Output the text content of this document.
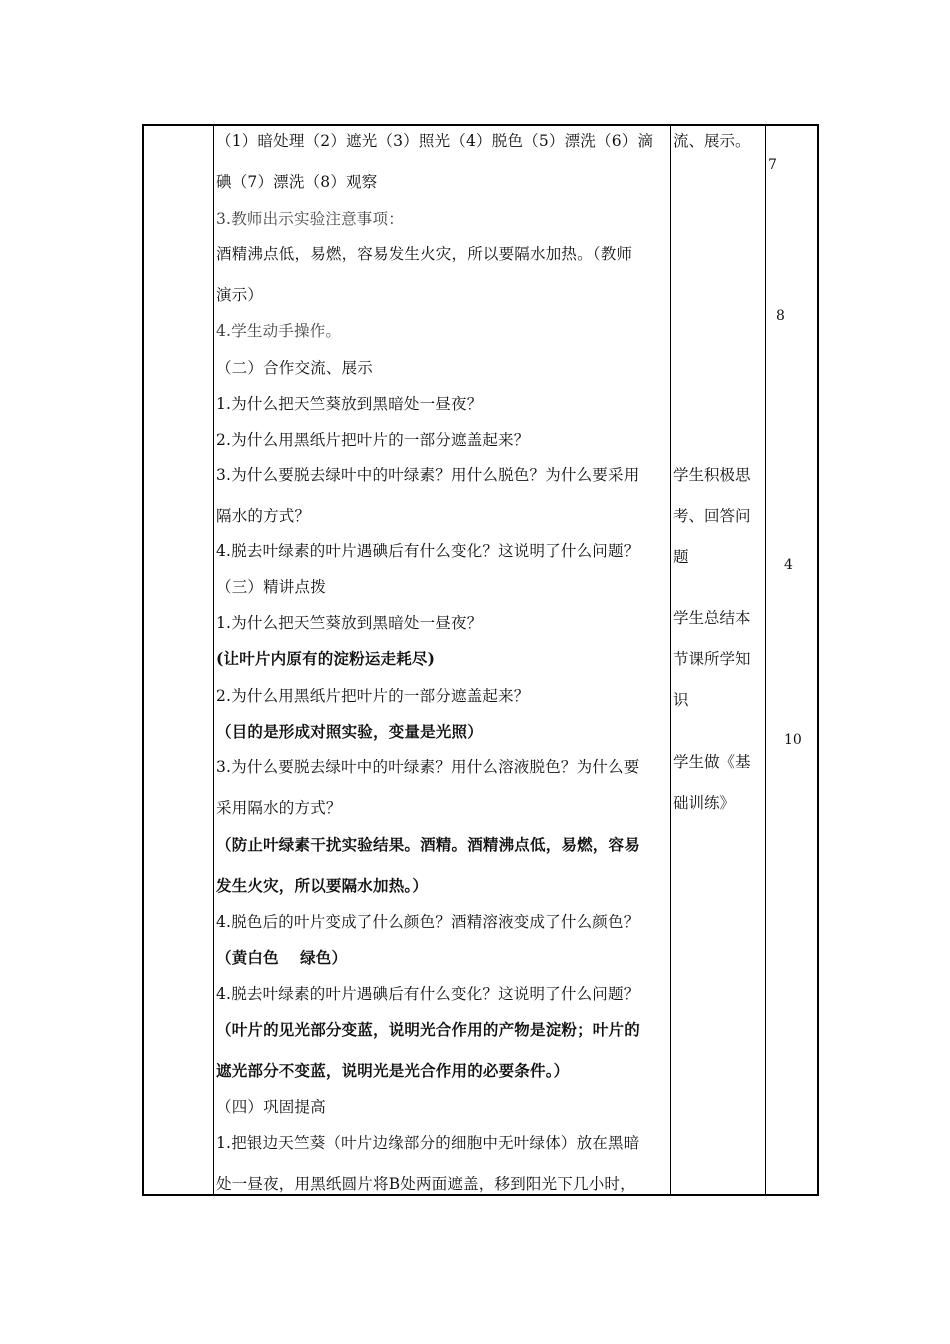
（1）暗处理（2）遮光（3）照光（4）脱色（5）漂洗（6）滴
碘（7）漂洗（8）观察
3.教师出示实验注意事项：
酒精沸点低，易燃，容易发生火灾，所以要隔水加热。（教师
演示）
4.学生动手操作。
（二）合作交流、展示
1.为什么把天竺葵放到黑暗处一昼夜？
2.为什么用黑纸片把叶片的一部分遮盖起来？
3.为什么要脱去绿叶中的叶绿素？用什么脱色？为什么要采用
隔水的方式？
4.脱去叶绿素的叶片遇碘后有什么变化？这说明了什么问题？
（三）精讲点拨
1.为什么把天竺葵放到黑暗处一昼夜？
(让叶片内原有的淀粉运走耗尽)
2.为什么用黑纸片把叶片的一部分遮盖起来？
（目的是形成对照实验，变量是光照）
3.为什么要脱去绿叶中的叶绿素？用什么溶液脱色？为什么要
采用隔水的方式？
（防止叶绿素干扰实验结果。酒精。酒精沸点低，易燃，容易
发生火灾，所以要隔水加热。）
4.脱色后的叶片变成了什么颜色？酒精溶液变成了什么颜色？
（黄白色　 绿色）
4.脱去叶绿素的叶片遇碘后有什么变化？这说明了什么问题？
（叶片的见光部分变蓝，说明光合作用的产物是淀粉；叶片的
遮光部分不变蓝，说明光是光合作用的必要条件。）
（四）巩固提高
1.把银边天竺葵（叶片边缘部分的细胞中无叶绿体）放在黑暗
处一昼夜，用黑纸圆片将B处两面遮盖，移到阳光下几小时，
流、展示。
学生积极思
考、回答问
题
学生总结本
节课所学知
识
学生做《基
础训练》
7
8
4
10
